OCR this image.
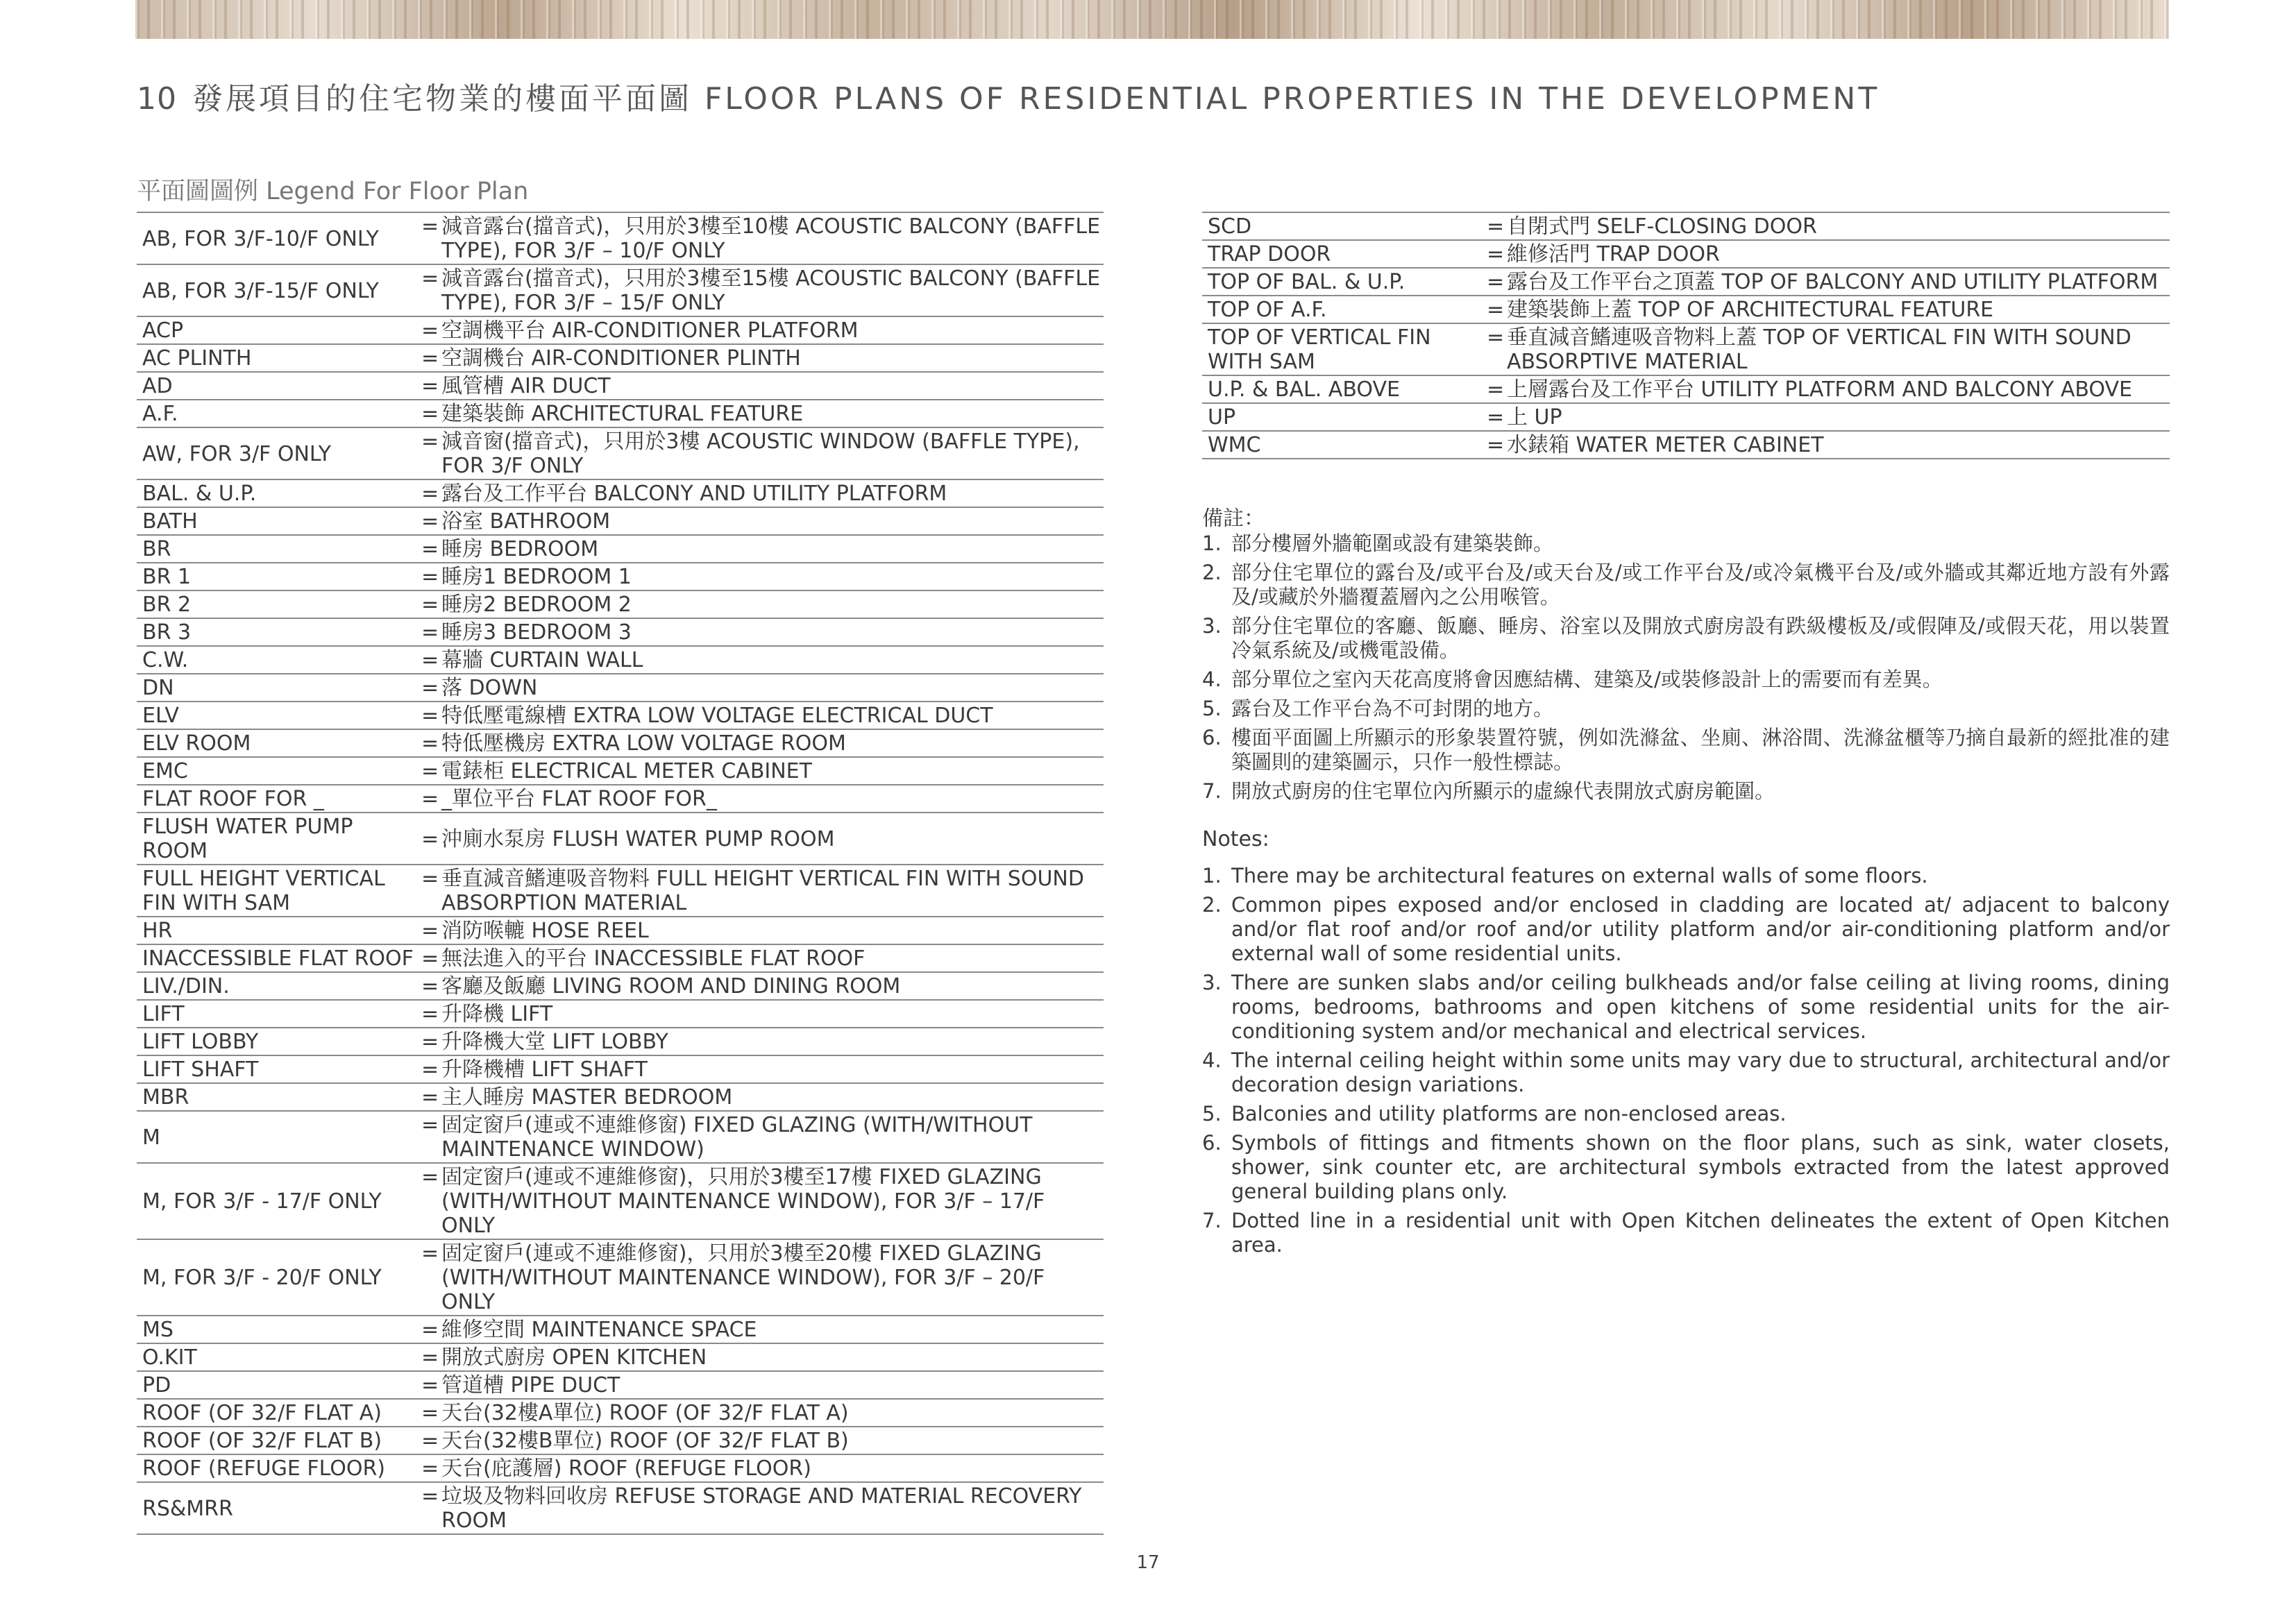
10 發展項目的住宅物業的樓面平面圖 FLOOR PLANS OF RESIDENTIAL PROPERTIES IN THE DEVELOPMENT
平面圖圖例 Legend For Floor Plan
AB, FOR 3/F-10/F ONLY	= 減音露台(擋音式)，只用於3樓至10樓 ACOUSTIC BALCONY (BAFFLE TYPE), FOR 3/F – 10/F ONLY

AB, FOR 3/F-15/F ONLY	= 減音露台(擋音式)，只用於3樓至15樓 ACOUSTIC BALCONY (BAFFLE TYPE), FOR 3/F – 15/F ONLY

ACP	= 空調機平台 AIR-CONDITIONER PLATFORM

AC PLINTH	= 空調機台 AIR-CONDITIONER PLINTH

AD	= 風管槽 AIR DUCT

A.F.	= 建築裝飾 ARCHITECTURAL FEATURE

AW, FOR 3/F ONLY	= 減音窗(擋音式)，只用於3樓 ACOUSTIC WINDOW (BAFFLE TYPE), FOR 3/F ONLY

BAL. & U.P.	= 露台及工作平台 BALCONY AND UTILITY PLATFORM

BATH	= 浴室 BATHROOM

BR	= 睡房 BEDROOM

BR 1	= 睡房1 BEDROOM 1

BR 2	= 睡房2 BEDROOM 2

BR 3	= 睡房3 BEDROOM 3

C.W.	= 幕牆 CURTAIN WALL

DN	= 落 DOWN

ELV	= 特低壓電線槽 EXTRA LOW VOLTAGE ELECTRICAL DUCT

ELV ROOM	= 特低壓機房 EXTRA LOW VOLTAGE ROOM

EMC	= 電錶柜 ELECTRICAL METER CABINET

FLAT ROOF FOR _	= _單位平台 FLAT ROOF FOR_

FLUSH WATER PUMP ROOM	= 沖廁水泵房 FLUSH WATER PUMP ROOM

FULL HEIGHT VERTICAL FIN WITH SAM	= 垂直減音鰭連吸音物料 FULL HEIGHT VERTICAL FIN WITH SOUND ABSORPTION MATERIAL

HR	= 消防喉轆 HOSE REEL

INACCESSIBLE FLAT ROOF	= 無法進入的平台 INACCESSIBLE FLAT ROOF

LIV./DIN.	= 客廳及飯廳 LIVING ROOM AND DINING ROOM

LIFT	= 升降機 LIFT

LIFT LOBBY	= 升降機大堂 LIFT LOBBY

LIFT SHAFT	= 升降機槽 LIFT SHAFT

MBR	= 主人睡房 MASTER BEDROOM

M	= 固定窗戶(連或不連維修窗) FIXED GLAZING (WITH/WITHOUT MAINTENANCE WINDOW)

M, FOR 3/F - 17/F ONLY	= 固定窗戶(連或不連維修窗)，只用於3樓至17樓 FIXED GLAZING (WITH/WITHOUT MAINTENANCE WINDOW), FOR 3/F – 17/F ONLY

M, FOR 3/F - 20/F ONLY	= 固定窗戶(連或不連維修窗)，只用於3樓至20樓 FIXED GLAZING (WITH/WITHOUT MAINTENANCE WINDOW), FOR 3/F – 20/F ONLY

MS	= 維修空間 MAINTENANCE SPACE

O.KIT	= 開放式廚房 OPEN KITCHEN

PD	= 管道槽 PIPE DUCT

ROOF (OF 32/F FLAT A)	= 天台(32樓A單位) ROOF (OF 32/F FLAT A)

ROOF (OF 32/F FLAT B)	= 天台(32樓B單位) ROOF (OF 32/F FLAT B)

ROOF (REFUGE FLOOR)	= 天台(庇護層) ROOF (REFUGE FLOOR)

RS&MRR	= 垃圾及物料回收房 REFUSE STORAGE AND MATERIAL RECOVERY ROOM
SCD	= 自閉式門 SELF-CLOSING DOOR

TRAP DOOR	= 維修活門 TRAP DOOR

TOP OF BAL. & U.P.	= 露台及工作平台之頂蓋 TOP OF BALCONY AND UTILITY PLATFORM

TOP OF A.F.	= 建築裝飾上蓋 TOP OF ARCHITECTURAL FEATURE

TOP OF VERTICAL FIN WITH SAM	= 垂直減音鰭連吸音物料上蓋 TOP OF VERTICAL FIN WITH SOUND ABSORPTIVE MATERIAL

U.P. & BAL. ABOVE	= 上層露台及工作平台 UTILITY PLATFORM AND BALCONY ABOVE

UP	= 上 UP

WMC	= 水錶箱 WATER METER CABINET
備註：
1. 部分樓層外牆範圍或設有建築裝飾。
2. 部分住宅單位的露台及/或平台及/或天台及/或工作平台及/或冷氣機平台及/或外牆或其鄰近地方設有外露及/或藏於外牆覆蓋層內之公用喉管。
3. 部分住宅單位的客廳、飯廳、睡房、浴室以及開放式廚房設有跌級樓板及/或假陣及/或假天花，用以裝置冷氣系統及/或機電設備。
4. 部分單位之室內天花高度將會因應結構、建築及/或裝修設計上的需要而有差異。
5. 露台及工作平台為不可封閉的地方。
6. 樓面平面圖上所顯示的形象裝置符號，例如洗滌盆、坐廁、淋浴間、洗滌盆櫃等乃摘自最新的經批准的建築圖則的建築圖示，只作一般性標誌。
7. 開放式廚房的住宅單位內所顯示的虛線代表開放式廚房範圍。
Notes:
1. There may be architectural features on external walls of some floors.
2. Common pipes exposed and/or enclosed in cladding are located at/ adjacent to balcony and/or flat roof and/or roof and/or utility platform and/or air-conditioning platform and/or external wall of some residential units.
3. There are sunken slabs and/or ceiling bulkheads and/or false ceiling at living rooms, dining rooms, bedrooms, bathrooms and open kitchens of some residential units for the air-conditioning system and/or mechanical and electrical services.
4. The internal ceiling height within some units may vary due to structural, architectural and/or decoration design variations.
5. Balconies and utility platforms are non-enclosed areas.
6. Symbols of fittings and fitments shown on the floor plans, such as sink, water closets, shower, sink counter etc, are architectural symbols extracted from the latest approved general building plans only.
7. Dotted line in a residential unit with Open Kitchen delineates the extent of Open Kitchen area.
17
